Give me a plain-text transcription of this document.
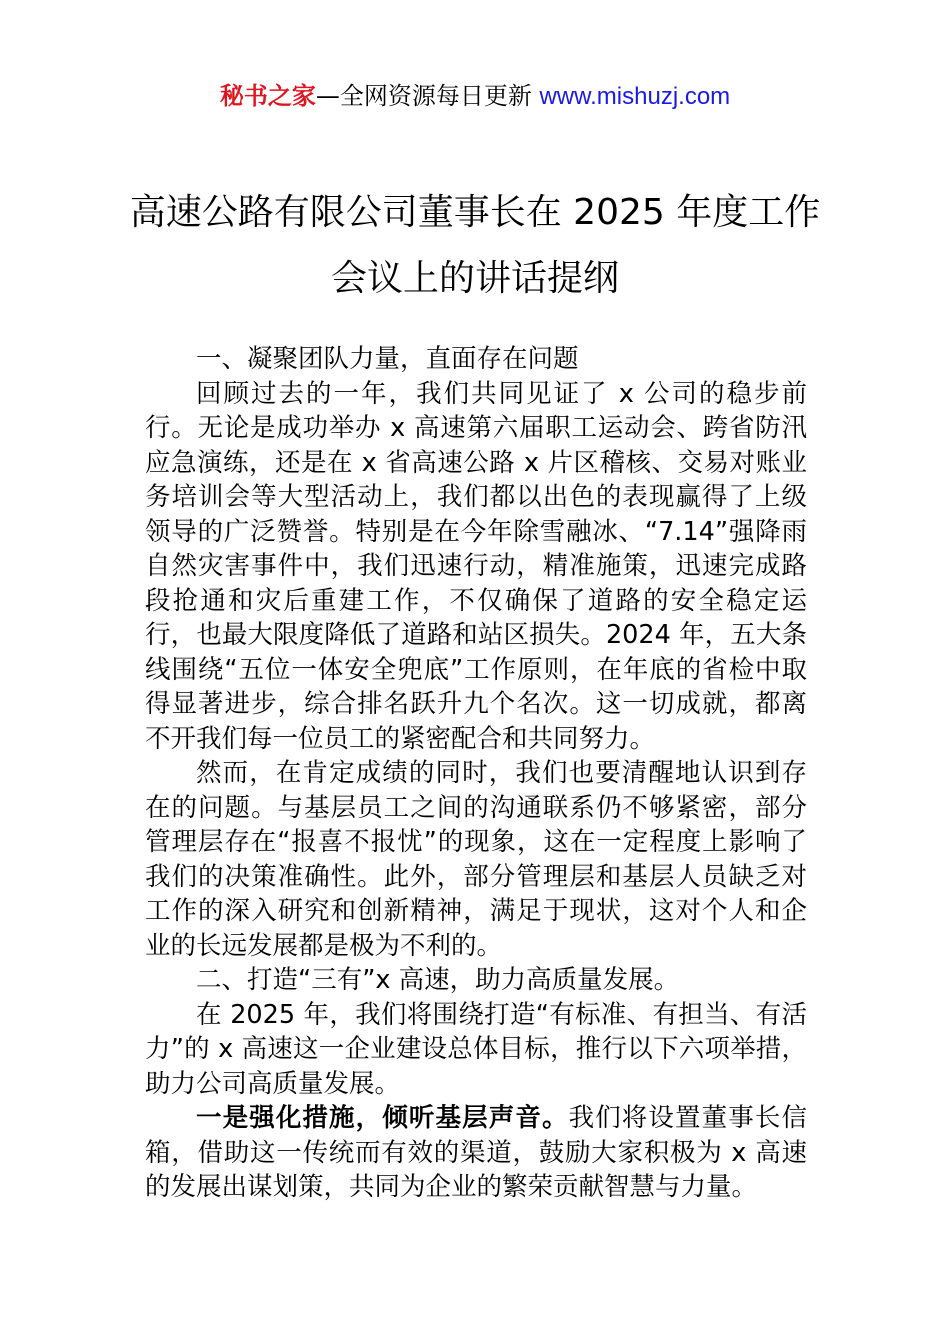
秘书之家—全网资源每日更新 www.mishuzj.com
高速公路有限公司董事长在 2025 年度工作会议上的讲话提纲

一、凝聚团队力量，直面存在问题

回顾过去的一年，我们共同见证了 x 公司的稳步前行。无论是成功举办 x 高速第六届职工运动会、跨省防汛应急演练，还是在 x 省高速公路 x 片区稽核、交易对账业务培训会等大型活动上，我们都以出色的表现赢得了上级领导的广泛赞誉。特别是在今年除雪融冰、“7.14”强降雨自然灾害事件中，我们迅速行动，精准施策，迅速完成路段抢通和灾后重建工作，不仅确保了道路的安全稳定运行，也最大限度降低了道路和站区损失。2024 年，五大条线围绕“五位一体安全兜底”工作原则，在年底的省检中取得显著进步，综合排名跃升九个名次。这一切成就，都离不开我们每一位员工的紧密配合和共同努力。

然而，在肯定成绩的同时，我们也要清醒地认识到存在的问题。与基层员工之间的沟通联系仍不够紧密，部分管理层存在“报喜不报忧”的现象，这在一定程度上影响了我们的决策准确性。此外，部分管理层和基层人员缺乏对工作的深入研究和创新精神，满足于现状，这对个人和企业的长远发展都是极为不利的。

二、打造“三有”x 高速，助力高质量发展。

在 2025 年，我们将围绕打造“有标准、有担当、有活力”的 x 高速这一企业建设总体目标，推行以下六项举措，助力公司高质量发展。

一是强化措施，倾听基层声音。我们将设置董事长信箱，借助这一传统而有效的渠道，鼓励大家积极为 x 高速的发展出谋划策，共同为企业的繁荣贡献智慧与力量。
